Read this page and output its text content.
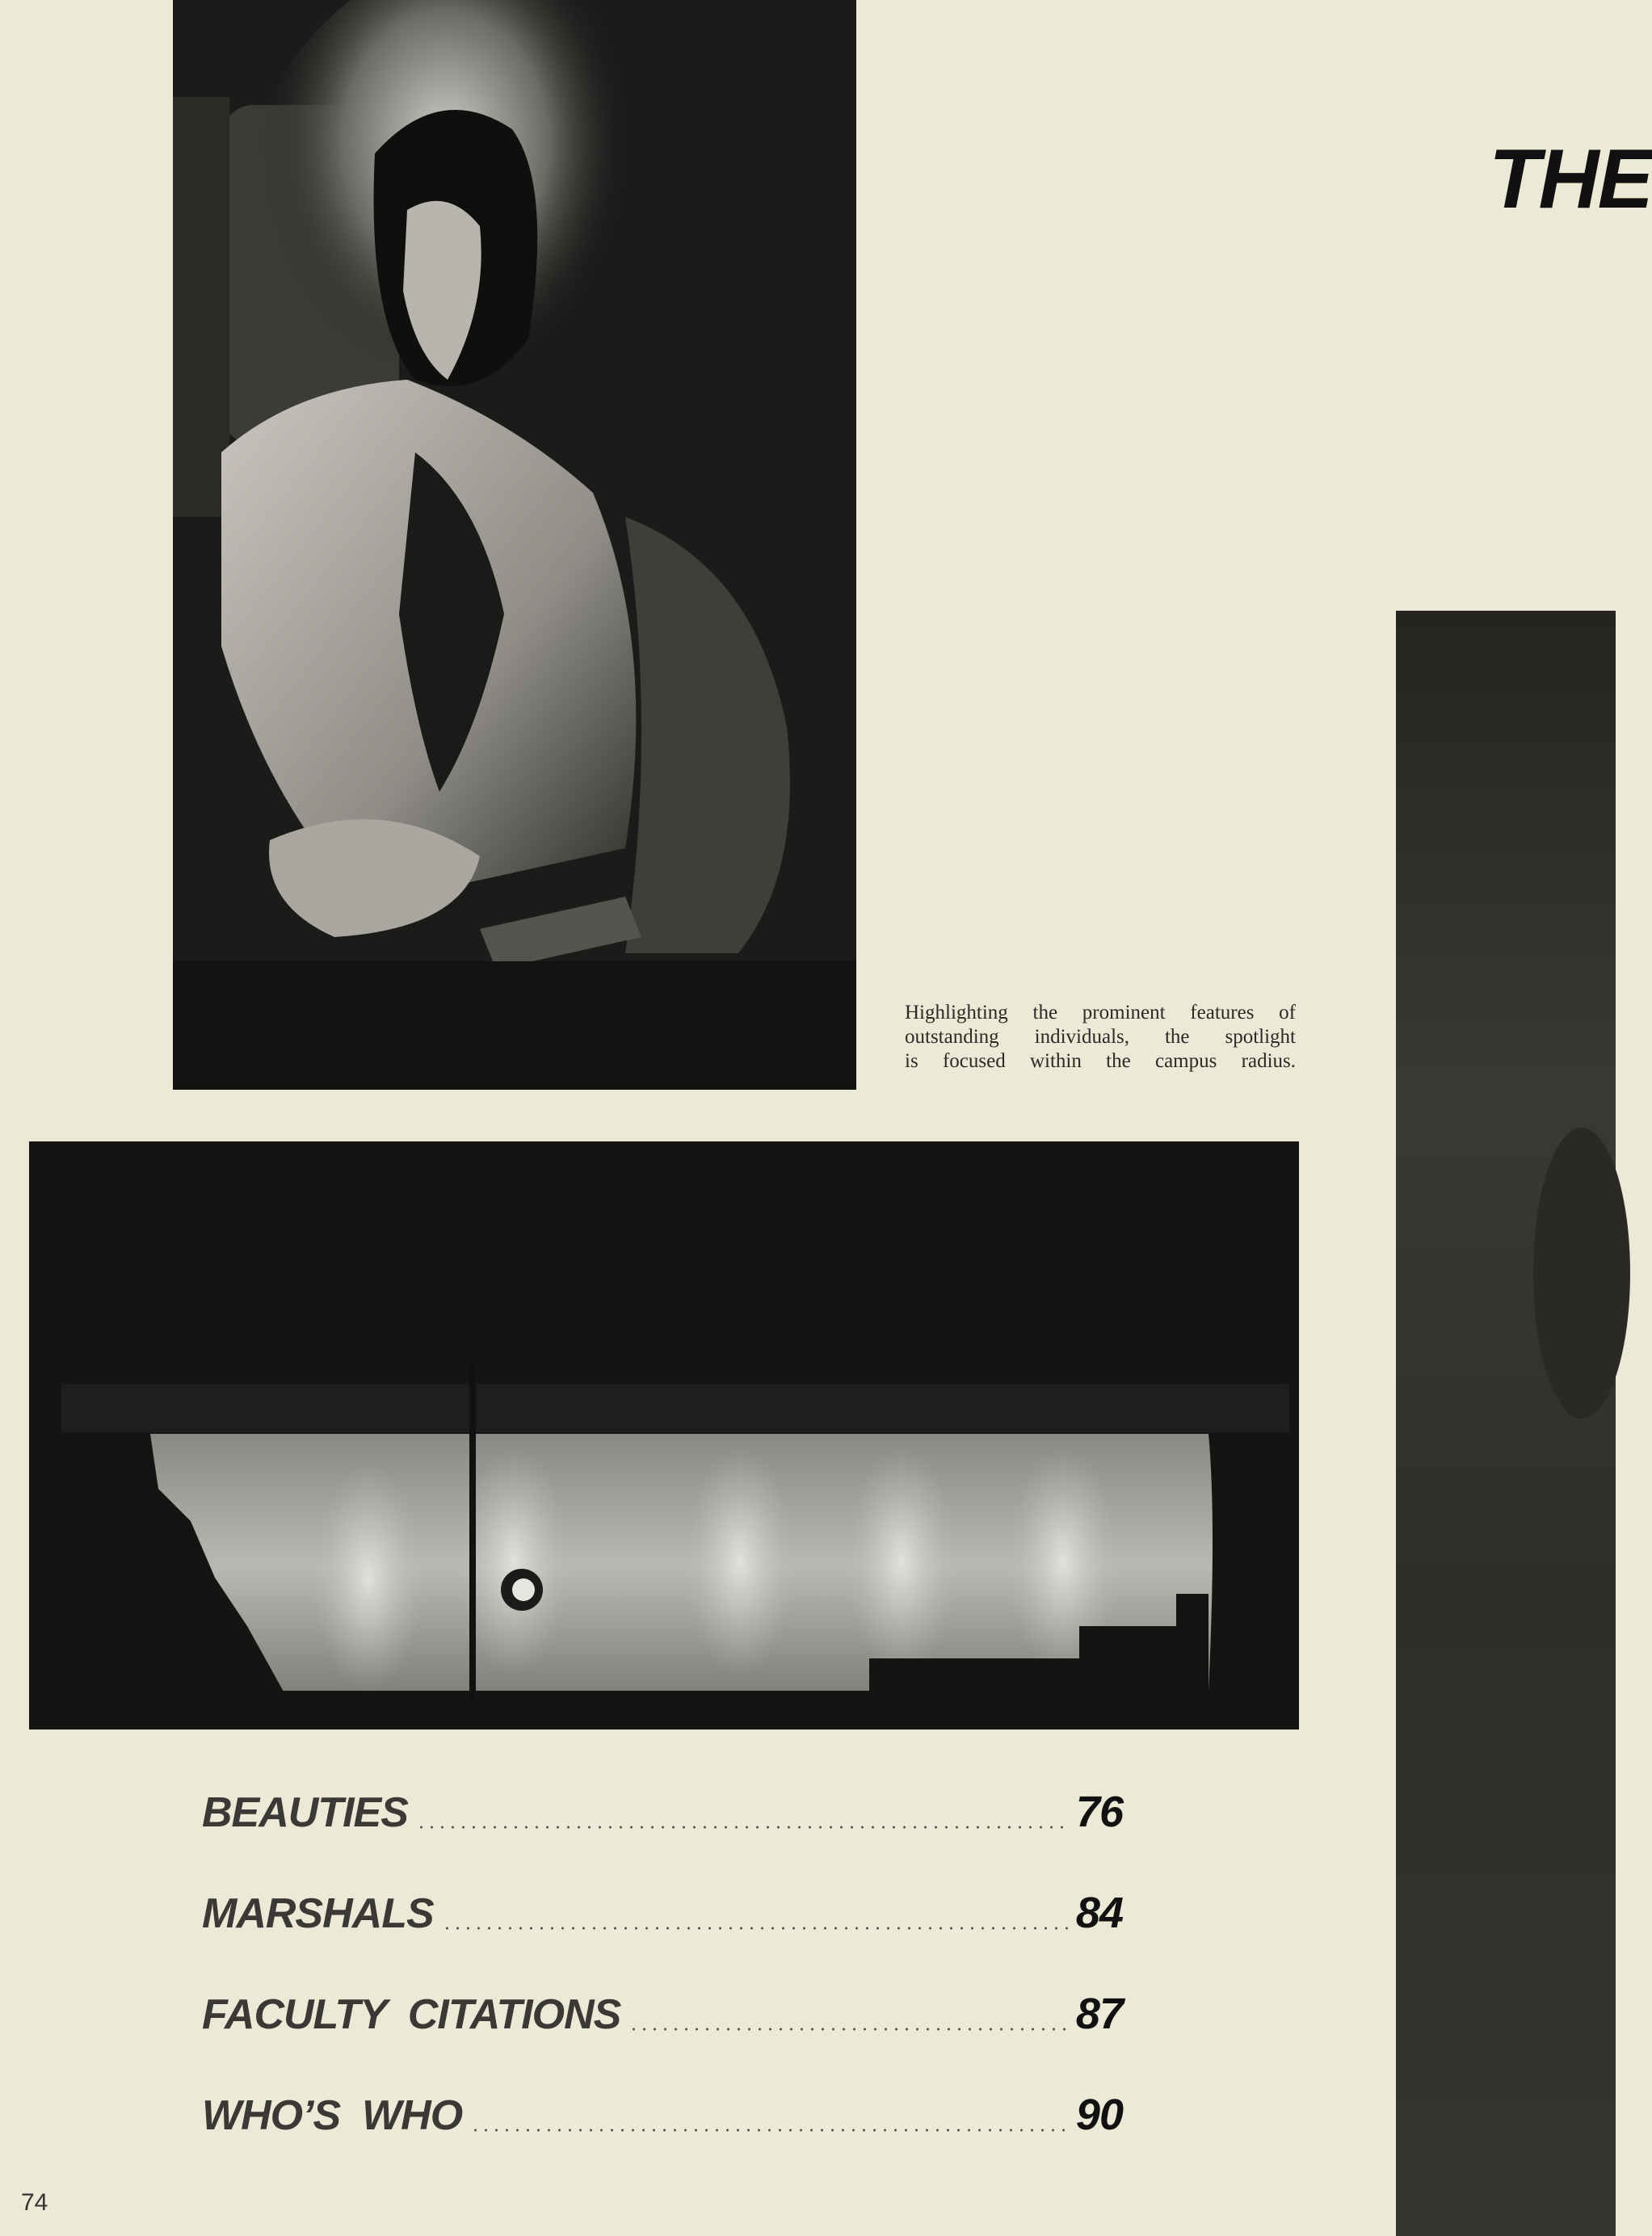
THE
Highlighting the prominent features of
outstanding individuals, the spotlight
is focused within the campus radius.
BEAUTIES	76
MARSHALS	84
FACULTY  CITATIONS	87
WHO’S  WHO	90
74
